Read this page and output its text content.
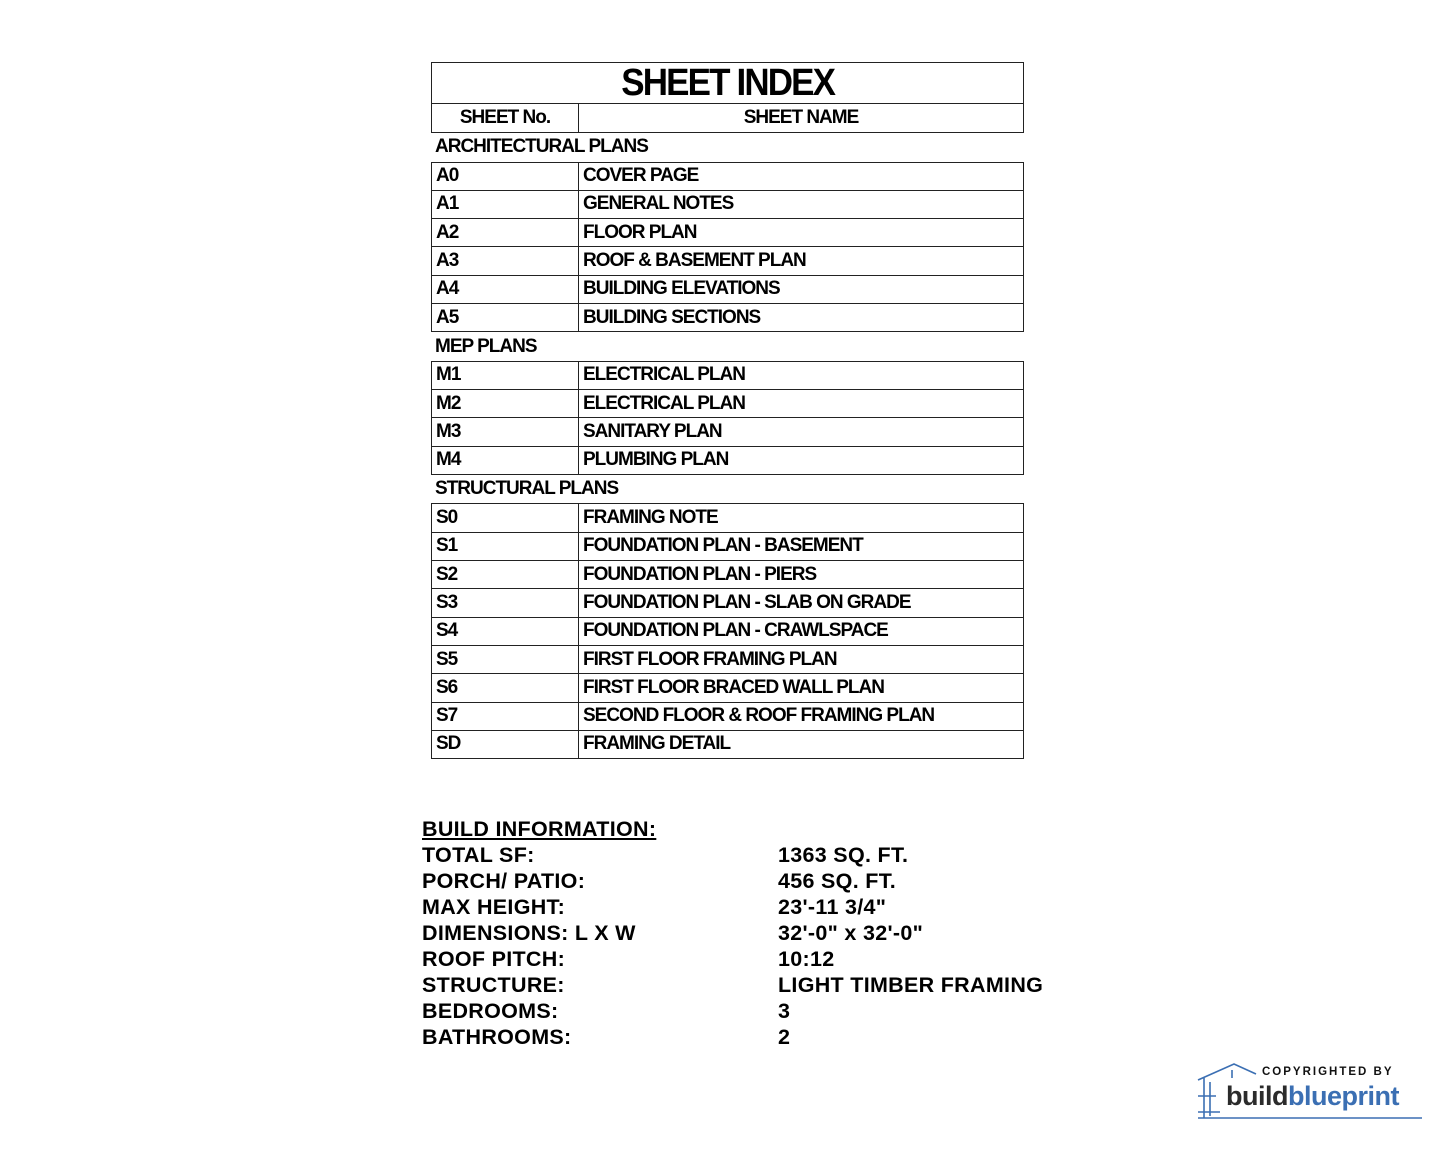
SHEET INDEX
SHEET No.	SHEET NAME
ARCHITECTURAL PLANS
A0	COVER PAGE
A1	GENERAL NOTES
A2	FLOOR PLAN
A3	ROOF & BASEMENT PLAN
A4	BUILDING ELEVATIONS
A5	BUILDING SECTIONS
MEP PLANS
M1	ELECTRICAL PLAN
M2	ELECTRICAL PLAN
M3	SANITARY PLAN
M4	PLUMBING PLAN
STRUCTURAL PLANS
S0	FRAMING NOTE
S1	FOUNDATION PLAN - BASEMENT
S2	FOUNDATION PLAN - PIERS
S3	FOUNDATION PLAN - SLAB ON GRADE
S4	FOUNDATION PLAN - CRAWLSPACE
S5	FIRST FLOOR FRAMING PLAN
S6	FIRST FLOOR BRACED WALL PLAN
S7	SECOND FLOOR & ROOF FRAMING PLAN
SD	FRAMING DETAIL
BUILD INFORMATION:
TOTAL SF:	1363 SQ. FT.
PORCH/ PATIO:	456 SQ. FT.
MAX HEIGHT:	23'-11 3/4"
DIMENSIONS: L X W	32'-0" x 32'-0"
ROOF PITCH:	10:12
STRUCTURE:	LIGHT TIMBER FRAMING
BEDROOMS:	3
BATHROOMS:	2
COPYRIGHTED BY
buildblueprint
